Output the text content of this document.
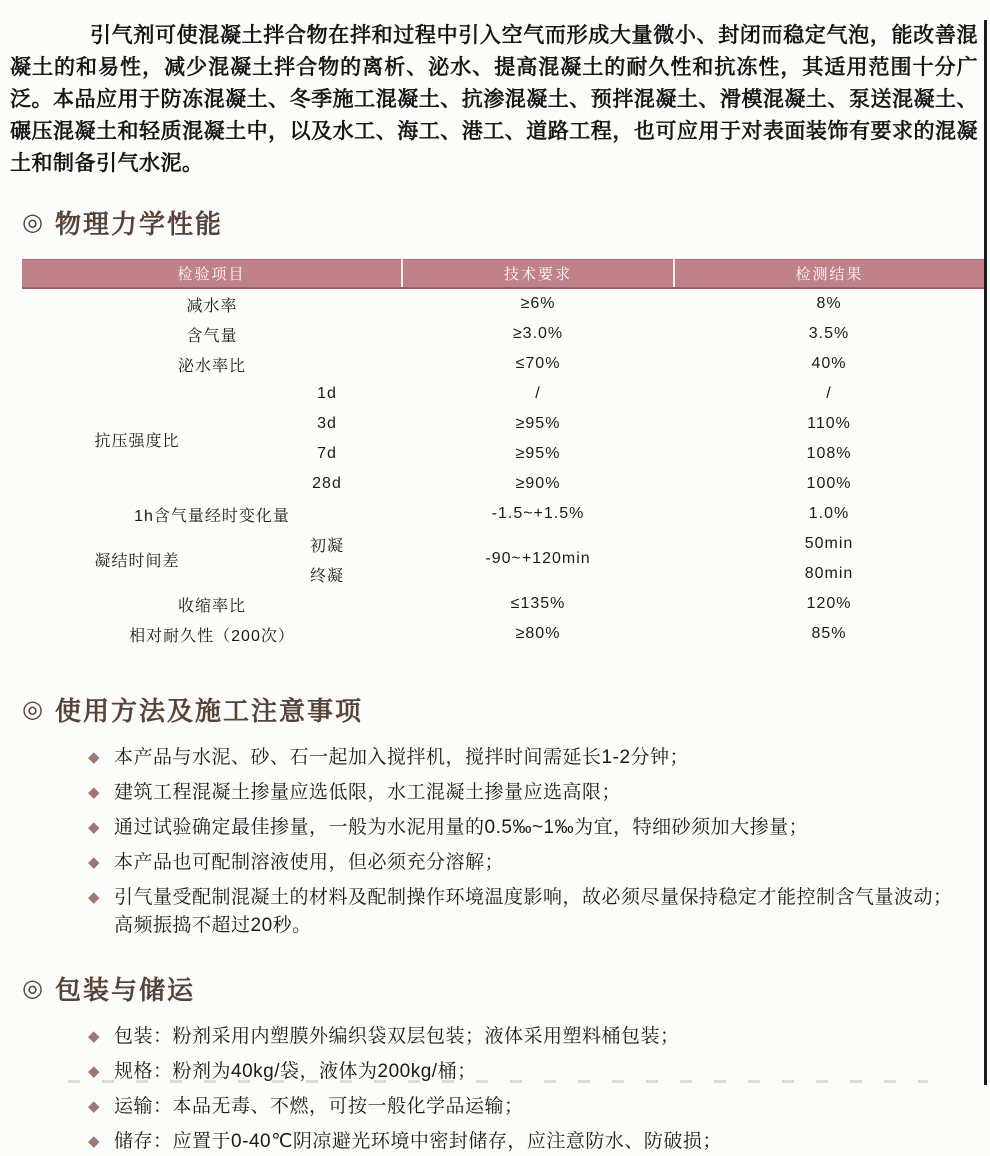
引气剂可使混凝土拌合物在拌和过程中引入空气而形成大量微小、封闭而稳定气泡，能改善混凝土的和易性，减少混凝土拌合物的离析、泌水、提高混凝土的耐久性和抗冻性，其适用范围十分广泛。本品应用于防冻混凝土、冬季施工混凝土、抗渗混凝土、预拌混凝土、滑模混凝土、泵送混凝土、碾压混凝土和轻质混凝土中，以及水工、海工、港工、道路工程，也可应用于对表面装饰有要求的混凝土和制备引气水泥。

◎ 物理力学性能
检验项目		技术要求	检测结果
减水率		≥6%	8%
含气量		≥3.0%	3.5%
泌水率比		≤70%	40%
抗压强度比	1d	/	/
	3d	≥95%	110%
	7d	≥95%	108%
	28d	≥90%	100%
1h含气量经时变化量		-1.5~+1.5%	1.0%
凝结时间差	初凝	-90~+120min	50min
	终凝		80min
收缩率比		≤135%	120%
相对耐久性（200次）		≥80%	85%
◎ 使用方法及施工注意事项
◆ 本产品与水泥、砂、石一起加入搅拌机，搅拌时间需延长1-2分钟；
◆ 建筑工程混凝土掺量应选低限，水工混凝土掺量应选高限；
◆ 通过试验确定最佳掺量，一般为水泥用量的0.5‰~1‰为宜，特细砂须加大掺量；
◆ 本产品也可配制溶液使用，但必须充分溶解；
◆ 引气量受配制混凝土的材料及配制操作环境温度影响，故必须尽量保持稳定才能控制含气量波动；高频振捣不超过20秒。
◎ 包装与储运
◆ 包装：粉剂采用内塑膜外编织袋双层包装；液体采用塑料桶包装；
◆ 规格：粉剂为40kg/袋，液体为200kg/桶；
◆ 运输：本品无毒、不燃，可按一般化学品运输；
◆ 储存：应置于0-40℃阴凉避光环境中密封储存，应注意防水、防破损；
